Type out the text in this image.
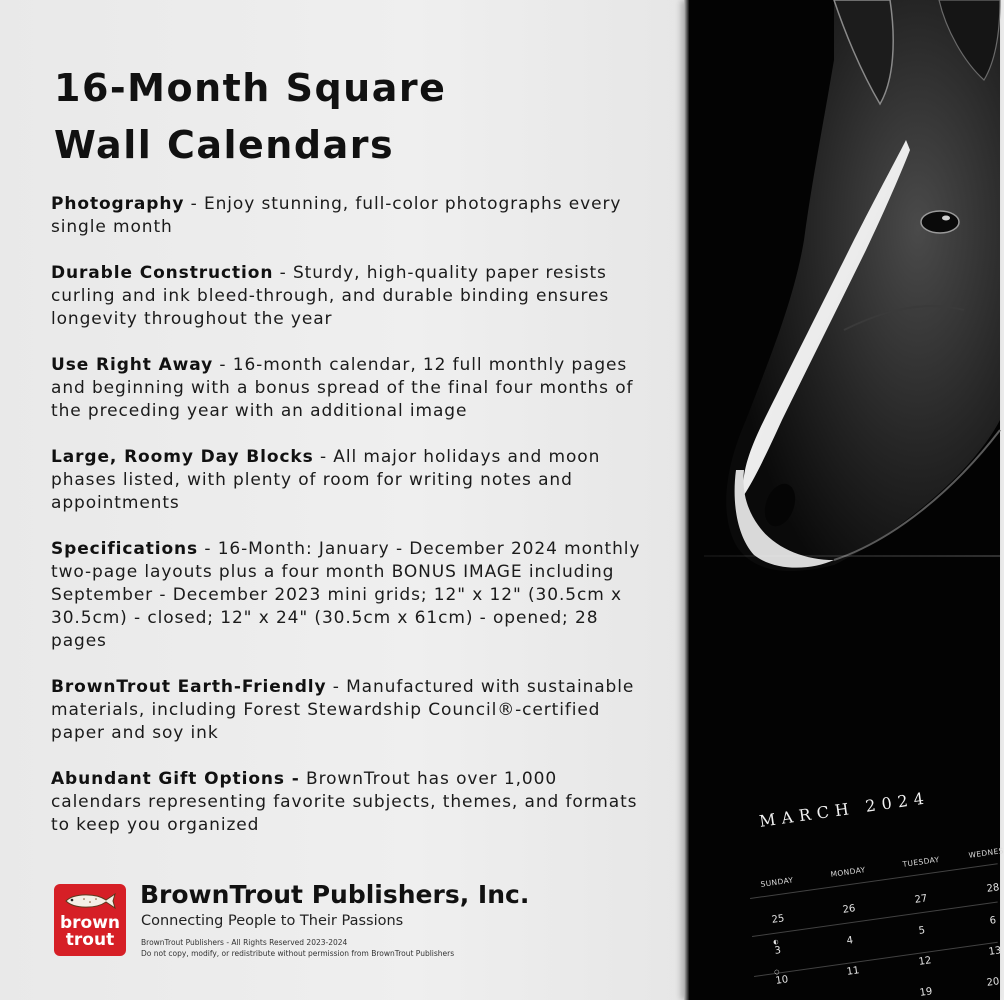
16-Month Square
Wall Calendars

Photography - Enjoy stunning, full-color photographs every single month

Durable Construction - Sturdy, high-quality paper resists curling and ink bleed-through, and durable binding ensures longevity throughout the year

Use Right Away - 16-month calendar, 12 full monthly pages and beginning with a bonus spread of the final four months of the preceding year with an additional image

Large, Roomy Day Blocks - All major holidays and moon phases listed, with plenty of room for writing notes and appointments

Specifications - 16-Month: January - December 2024 monthly two-page layouts plus a four month BONUS IMAGE including September - December 2023 mini grids; 12" x 12" (30.5cm x 30.5cm) - closed; 12" x 24" (30.5cm x 61cm) - opened; 28 pages

BrownTrout Earth-Friendly - Manufactured with sustainable materials, including Forest Stewardship Council®-certified paper and soy ink

Abundant Gift Options - BrownTrout has over 1,000 calendars representing favorite subjects, themes, and formats to keep you organized

brown
trout
BrownTrout Publishers, Inc.
Connecting People to Their Passions
BrownTrout Publishers - All Rights Reserved 2023-2024
Do not copy, modify, or redistribute without permission from BrownTrout Publishers
MARCH 2024
SUNDAY
MONDAY
TUESDAY
WEDNES
25
26
27
28
◐
3
4
5
6
○
10
11
12
13
19
20
